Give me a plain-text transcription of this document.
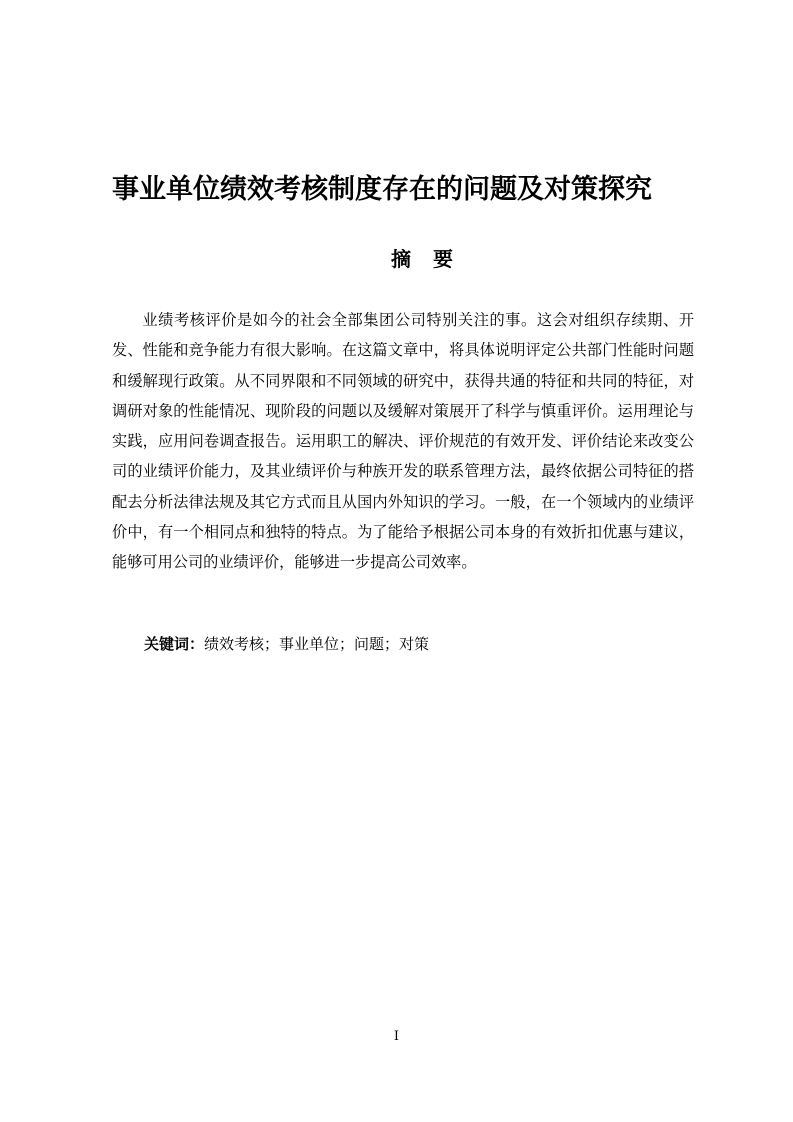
事业单位绩效考核制度存在的问题及对策探究
摘要

业绩考核评价是如今的社会全部集团公司特别关注的事。这会对组织存续期、开发、性能和竞争能力有很大影响。在这篇文章中，将具体说明评定公共部门性能时问题和缓解现行政策。从不同界限和不同领域的研究中，获得共通的特征和共同的特征，对调研对象的性能情况、现阶段的问题以及缓解对策展开了科学与慎重评价。运用理论与实践，应用问卷调查报告。运用职工的解决、评价规范的有效开发、评价结论来改变公司的业绩评价能力，及其业绩评价与种族开发的联系管理方法，最终依据公司特征的搭配去分析法律法规及其它方式而且从国内外知识的学习。一般，在一个领域内的业绩评价中，有一个相同点和独特的特点。为了能给予根据公司本身的有效折扣优惠与建议，能够可用公司的业绩评价，能够进一步提高公司效率。

关键词：绩效考核；事业单位；问题；对策

I
